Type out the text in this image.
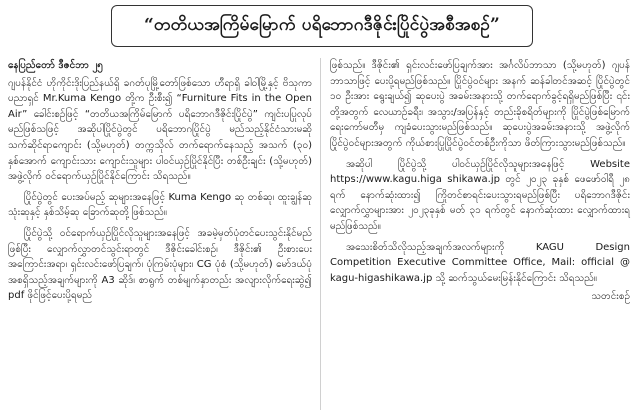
“တတိယအကြိမ်မြောက် ပရိဘောဂဒီဇိုင်းပြိုင်ပွဲအစီအစဉ်”

နေပြည်တော် ဒီဇင်ဘာ ၂၅

ဂျပန်နိုင်ငံ ဟိုကိုင်းဒိုးပြည်နယ်ရှိ ခဂတ်ပုမြို့တော်ဖြစ်သော ဟီရာရှိ ခါဝါမြို့နှင့် ဗိသုကာပညာရှင် Mr.Kuma Kengo တို့က ဦးစီး၍ “Furniture Fits in the Open Air” ခေါင်းစဉ်ဖြင့် “တတိယအကြိမ်မြောက် ပရိဘောဂဒီဇိုင်းပြိုင်ပွဲ” ကျင်းပပြုလုပ်မည်ဖြစ်သဖြင့် အဆိုပါပြိုင်ပွဲတွင် ပရိဘောဂပြိုင်ပွဲ မည်သည့်နိုင်ငံသားမဆို သက်ဆိုင်ရာကျောင်း (သို့မဟုတ်) တက္ကသိုလ် တက်ရောက်နေသည့် အသက် (၃၀) နှစ်အောက် ကျောင်းသား ကျောင်းသူများ ပါဝင်ယှဉ်ပြိုင်နိုင်ပြီး တစ်ဦးချင်း (သို့မဟုတ်) အဖွဲ့လိုက် ဝင်ရောက်ယှဉ်ပြိုင်နိုင်ကြောင်း သိရသည်။

ပြိုင်ပွဲတွင် ပေးအပ်မည့် ဆုများအနေဖြင့် Kuma Kengo ဆု တစ်ဆု၊ ထူးချွန်ဆု သုံးဆုနှင့် နှစ်သိမ့်ဆု ခြောက်ဆုတို့ဖြစ်သည်။

ပြိုင်ပွဲသို့ ဝင်ရောက်ယှဉ်ပြိုင်လိုသူများအနေဖြင့် အခမဲ့မှတ်ပုံတင်ပေးသွင်းနိုင်မည်ဖြစ်ပြီး လျှောက်လွှာတင်သွင်းရာတွင် ဒီဇိုင်းခေါင်းစဉ်၊ ဒီဇိုင်း၏ ဦးစားပေးအကြောင်းအရာ၊ ရှင်းလင်းဖော်ပြချက်၊ ပုံကြမ်းပုံများ၊ CG ပုံစံ (သို့မဟုတ်) မော်ဒယ်ပုံ အစရှိသည့်အချက်များကို A3 ဆိုဒ်၊ စာရွက် တစ်မျက်နှာတည်း အလျားလိုက်ရေးဆွဲ၍ pdf ဖိုင်ဖြင့်ပေးပို့ရမည်

ဖြစ်သည်။ ဒီဇိုင်း၏ ရှင်းလင်းဖော်ပြချက်အား အင်္ဂလိပ်ဘာသာ (သို့မဟုတ်) ဂျပန်ဘာသာဖြင့် ပေးပို့ရမည်ဖြစ်သည်။ ပြိုင်ပွဲဝင်များ အနက် ဆန်ခါတင်အဆင့် ပြိုင်ပွဲတွင် ၁၀ ဦးအား ရွေးချယ်၍ ဆုပေးပွဲ အခမ်းအနားသို့ တက်ရောက်ခွင့်ရရှိမည်ဖြစ်ပြီး ၎င်းတို့အတွက် လေယာဉ်ခရီး၊ အသွား/အပြန်နှင့် တည်းခိုစရိတ်များကို ပြိုင်ပွဲဖြစ်မြောက်ရေးကော်မတီမှ ကျခံပေးသွားမည်ဖြစ်သည်။ ဆုပေးပွဲအခမ်းအနားသို့ အဖွဲ့လိုက် ပြိုင်ပွဲဝင်များအတွက် ကိုယ်စားပြုပြိုင်ပွဲဝင်တစ်ဦးကိုသာ ဖိတ်ကြားသွားမည်ဖြစ်သည်။

အဆိုပါ ပြိုင်ပွဲသို့ ပါဝင်ယှဉ်ပြိုင်လိုသူများအနေဖြင့် Website https://www.kagu.higa shikawa.jp တွင် ၂၀၂၃ ခုနှစ် ဖေဖော်ဝါရီ ၂၈ ရက် နောက်ဆုံးထား၍ ကြိုတင်စာရင်းပေးသွားရမည်ဖြစ်ပြီး ပရိဘောဂဒီဇိုင်းလျှောက်လွှာများအား ၂၀၂၃ခုနှစ် မတ် ၃၁ ရက်တွင် နောက်ဆုံးထား လျှောက်ထားရမည်ဖြစ်သည်။

အသေးစိတ်သိလိုသည့်အချက်အလက်များကို KAGU Design Competition Executive Committee Office, Mail: official @ kagu-higashikawa.jp သို့ ဆက်သွယ်မေးမြန်းနိုင်ကြောင်း သိရသည်။

သတင်းစဉ်
